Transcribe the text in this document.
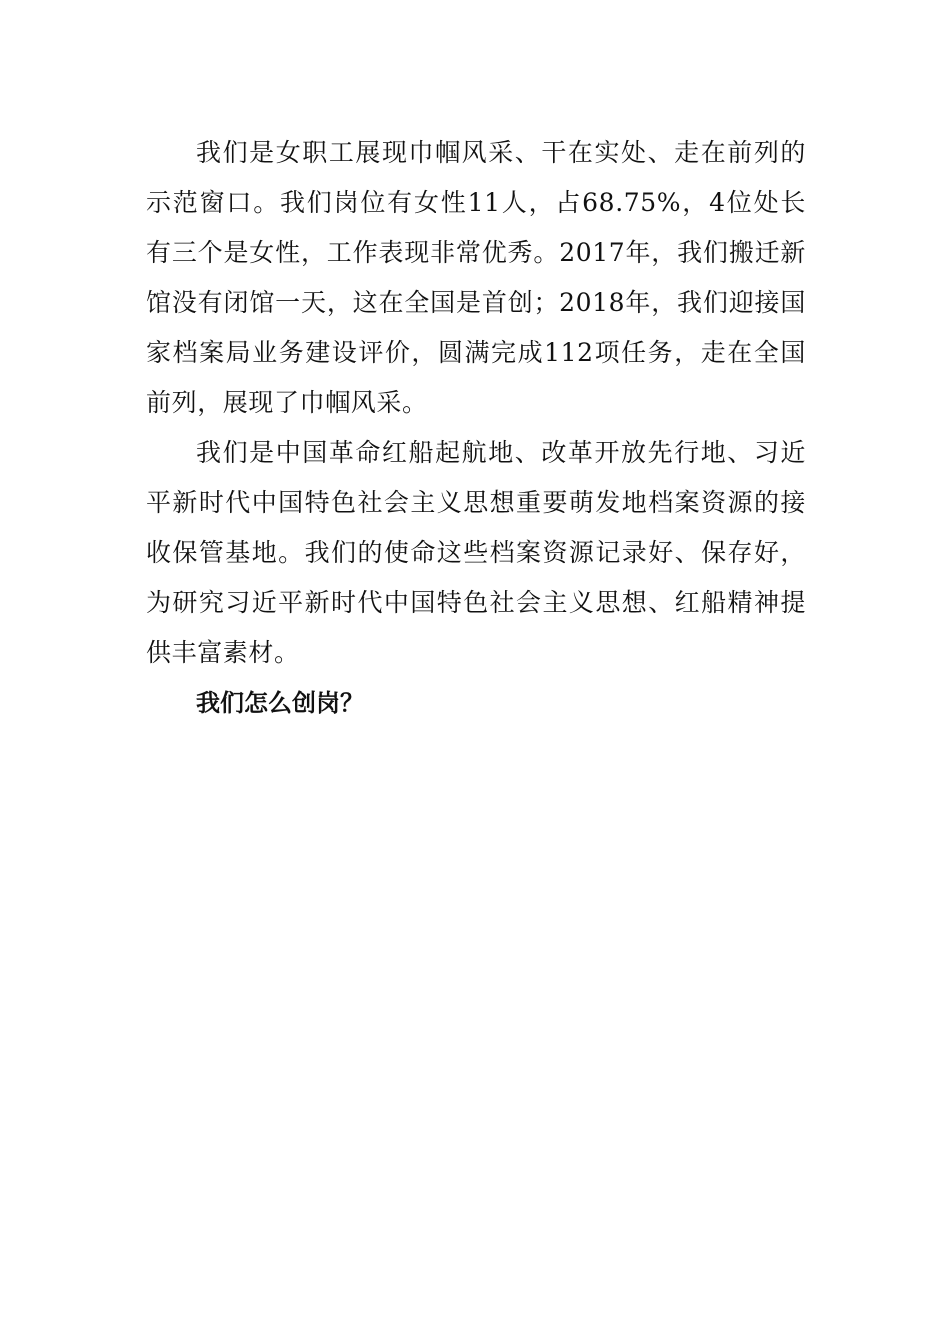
我们是女职工展现巾帼风采、干在实处、走在前列的示范窗口。我们岗位有女性11人，占68.75%，4位处长有三个是女性，工作表现非常优秀。2017年，我们搬迁新馆没有闭馆一天，这在全国是首创；2018年，我们迎接国家档案局业务建设评价，圆满完成112项任务，走在全国前列，展现了巾帼风采。

我们是中国革命红船起航地、改革开放先行地、习近平新时代中国特色社会主义思想重要萌发地档案资源的接收保管基地。我们的使命这些档案资源记录好、保存好，为研究习近平新时代中国特色社会主义思想、红船精神提供丰富素材。

我们怎么创岗？
